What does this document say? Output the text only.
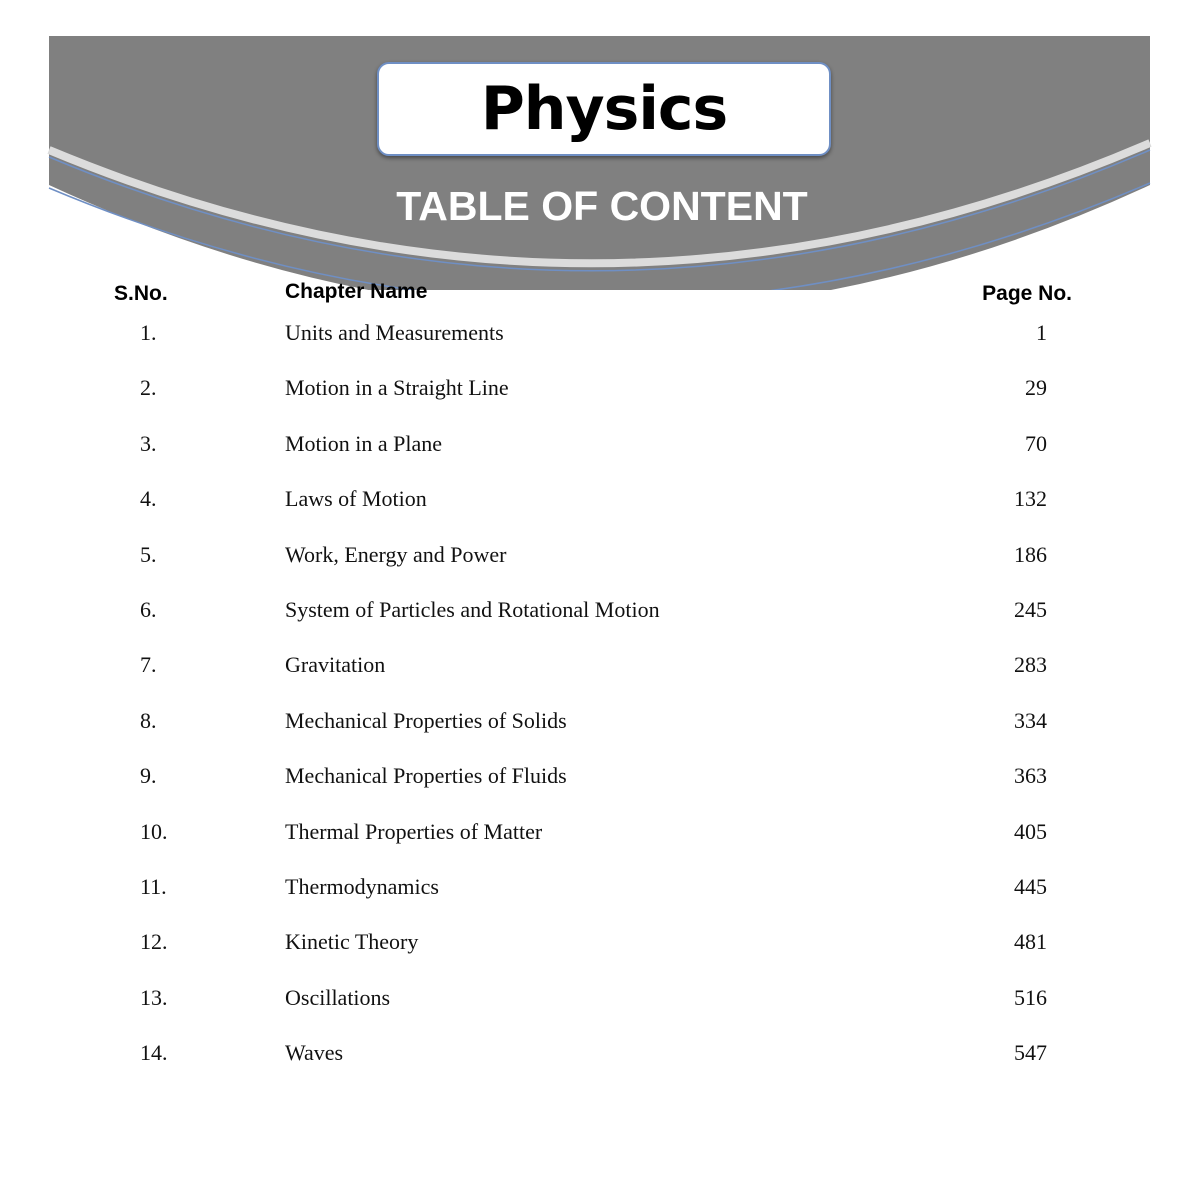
Physics
TABLE OF CONTENT
S.No.	Chapter Name	Page No.
1.	Units and Measurements	1
2.	Motion in a Straight Line	29
3.	Motion in a Plane	70
4.	Laws of Motion	132
5.	Work, Energy and Power	186
6.	System of Particles and Rotational Motion	245
7.	Gravitation	283
8.	Mechanical Properties of Solids	334
9.	Mechanical Properties of Fluids	363
10.	Thermal Properties of Matter	405
11.	Thermodynamics	445
12.	Kinetic Theory	481
13.	Oscillations	516
14.	Waves	547
